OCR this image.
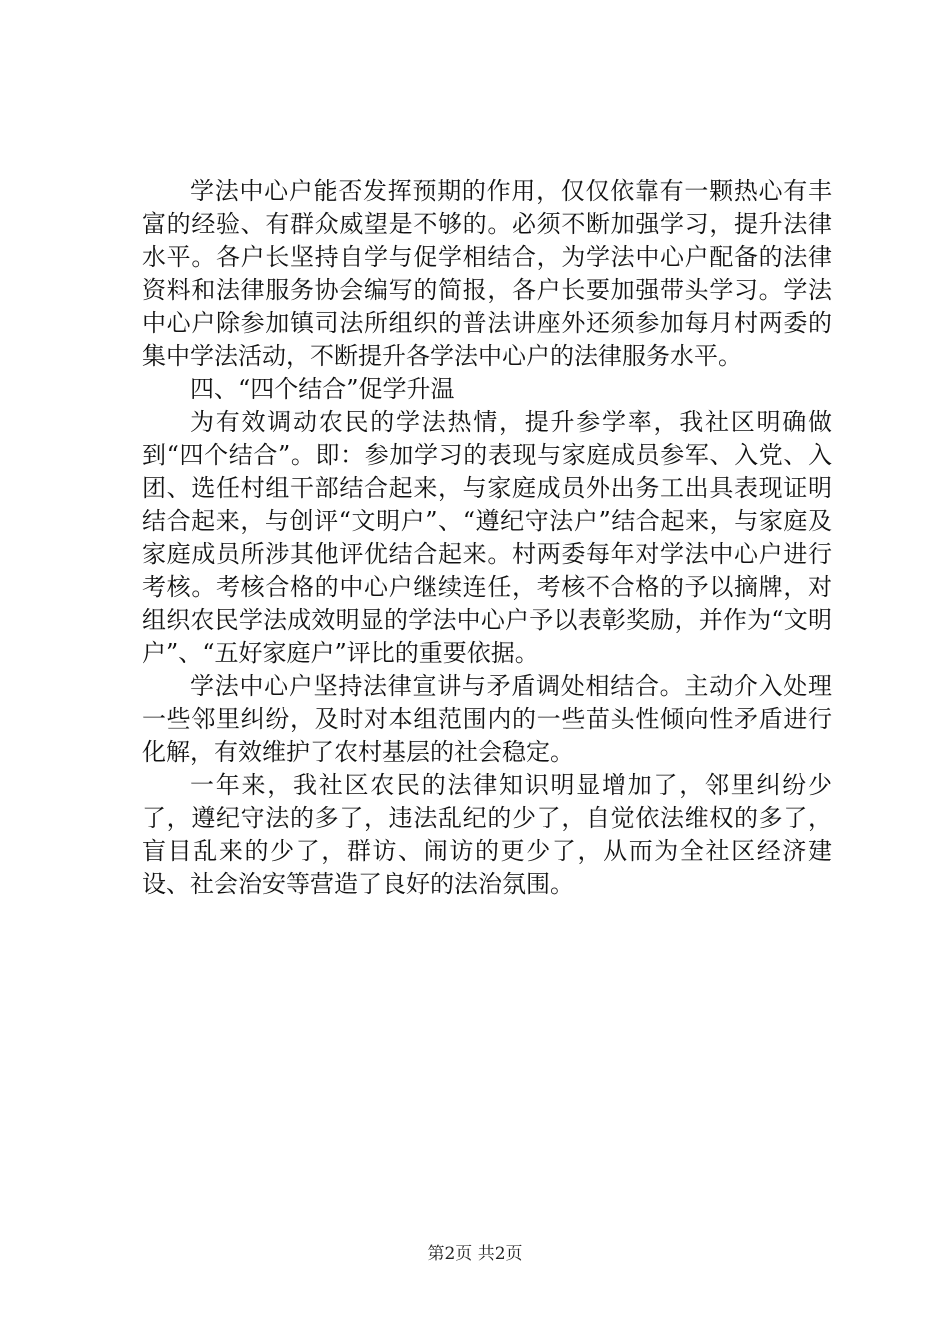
学法中心户能否发挥预期的作用，仅仅依靠有一颗热心有丰富的经验、有群众威望是不够的。必须不断加强学习，提升法律水平。各户长坚持自学与促学相结合，为学法中心户配备的法律资料和法律服务协会编写的简报，各户长要加强带头学习。学法中心户除参加镇司法所组织的普法讲座外还须参加每月村两委的集中学法活动，不断提升各学法中心户的法律服务水平。

四、“四个结合”促学升温

为有效调动农民的学法热情，提升参学率，我社区明确做到“四个结合”。即：参加学习的表现与家庭成员参军、入党、入团、选任村组干部结合起来，与家庭成员外出务工出具表现证明结合起来，与创评“文明户”、“遵纪守法户”结合起来，与家庭及家庭成员所涉其他评优结合起来。村两委每年对学法中心户进行考核。考核合格的中心户继续连任，考核不合格的予以摘牌，对组织农民学法成效明显的学法中心户予以表彰奖励，并作为“文明户”、“五好家庭户”评比的重要依据。

学法中心户坚持法律宣讲与矛盾调处相结合。主动介入处理一些邻里纠纷，及时对本组范围内的一些苗头性倾向性矛盾进行化解，有效维护了农村基层的社会稳定。

一年来，我社区农民的法律知识明显增加了，邻里纠纷少了，遵纪守法的多了，违法乱纪的少了，自觉依法维权的多了，盲目乱来的少了，群访、闹访的更少了，从而为全社区经济建设、社会治安等营造了良好的法治氛围。

第2页 共2页
